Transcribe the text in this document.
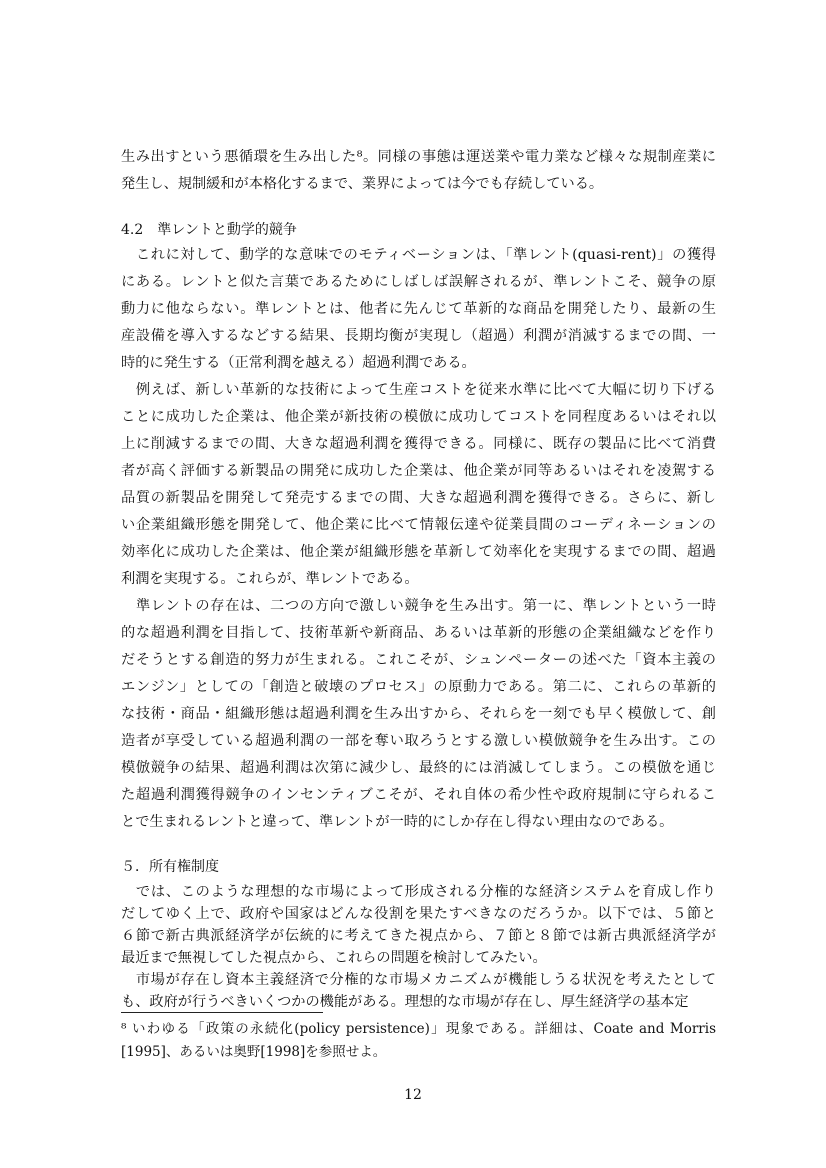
生み出すという悪循環を生み出した⁸。同様の事態は運送業や電力業など様々な規制産業に
発生し、規制緩和が本格化するまで、業界によっては今でも存続している。
4.2　準レントと動学的競争
　これに対して、動学的な意味でのモティベーションは、「準レント(quasi-rent)」の獲得
にある。レントと似た言葉であるためにしばしば誤解されるが、準レントこそ、競争の原
動力に他ならない。準レントとは、他者に先んじて革新的な商品を開発したり、最新の生
産設備を導入するなどする結果、長期均衡が実現し（超過）利潤が消滅するまでの間、一
時的に発生する（正常利潤を越える）超過利潤である。
　例えば、新しい革新的な技術によって生産コストを従来水準に比べて大幅に切り下げる
ことに成功した企業は、他企業が新技術の模倣に成功してコストを同程度あるいはそれ以
上に削減するまでの間、大きな超過利潤を獲得できる。同様に、既存の製品に比べて消費
者が高く評価する新製品の開発に成功した企業は、他企業が同等あるいはそれを凌駕する
品質の新製品を開発して発売するまでの間、大きな超過利潤を獲得できる。さらに、新し
い企業組織形態を開発して、他企業に比べて情報伝達や従業員間のコーディネーションの
効率化に成功した企業は、他企業が組織形態を革新して効率化を実現するまでの間、超過
利潤を実現する。これらが、準レントである。
　準レントの存在は、二つの方向で激しい競争を生み出す。第一に、準レントという一時
的な超過利潤を目指して、技術革新や新商品、あるいは革新的形態の企業組織などを作り
だそうとする創造的努力が生まれる。これこそが、シュンペーターの述べた「資本主義の
エンジン」としての「創造と破壊のプロセス」の原動力である。第二に、これらの革新的
な技術・商品・組織形態は超過利潤を生み出すから、それらを一刻でも早く模倣して、創
造者が享受している超過利潤の一部を奪い取ろうとする激しい模倣競争を生み出す。この
模倣競争の結果、超過利潤は次第に減少し、最終的には消滅してしまう。この模倣を通じ
た超過利潤獲得競争のインセンティブこそが、それ自体の希少性や政府規制に守られるこ
とで生まれるレントと違って、準レントが一時的にしか存在し得ない理由なのである。
５．所有権制度
　では、このような理想的な市場によって形成される分権的な経済システムを育成し作り
だしてゆく上で、政府や国家はどんな役割を果たすべきなのだろうか。以下では、５節と
６節で新古典派経済学が伝統的に考えてきた視点から、７節と８節では新古典派経済学が
最近まで無視してした視点から、これらの問題を検討してみたい。
　市場が存在し資本主義経済で分権的な市場メカニズムが機能しうる状況を考えたとして
も、政府が行うべきいくつかの機能がある。理想的な市場が存在し、厚生経済学の基本定
⁸ いわゆる「政策の永続化(policy persistence)」現象である。詳細は、Coate and Morris
[1995]、あるいは奥野[1998]を参照せよ。
12
